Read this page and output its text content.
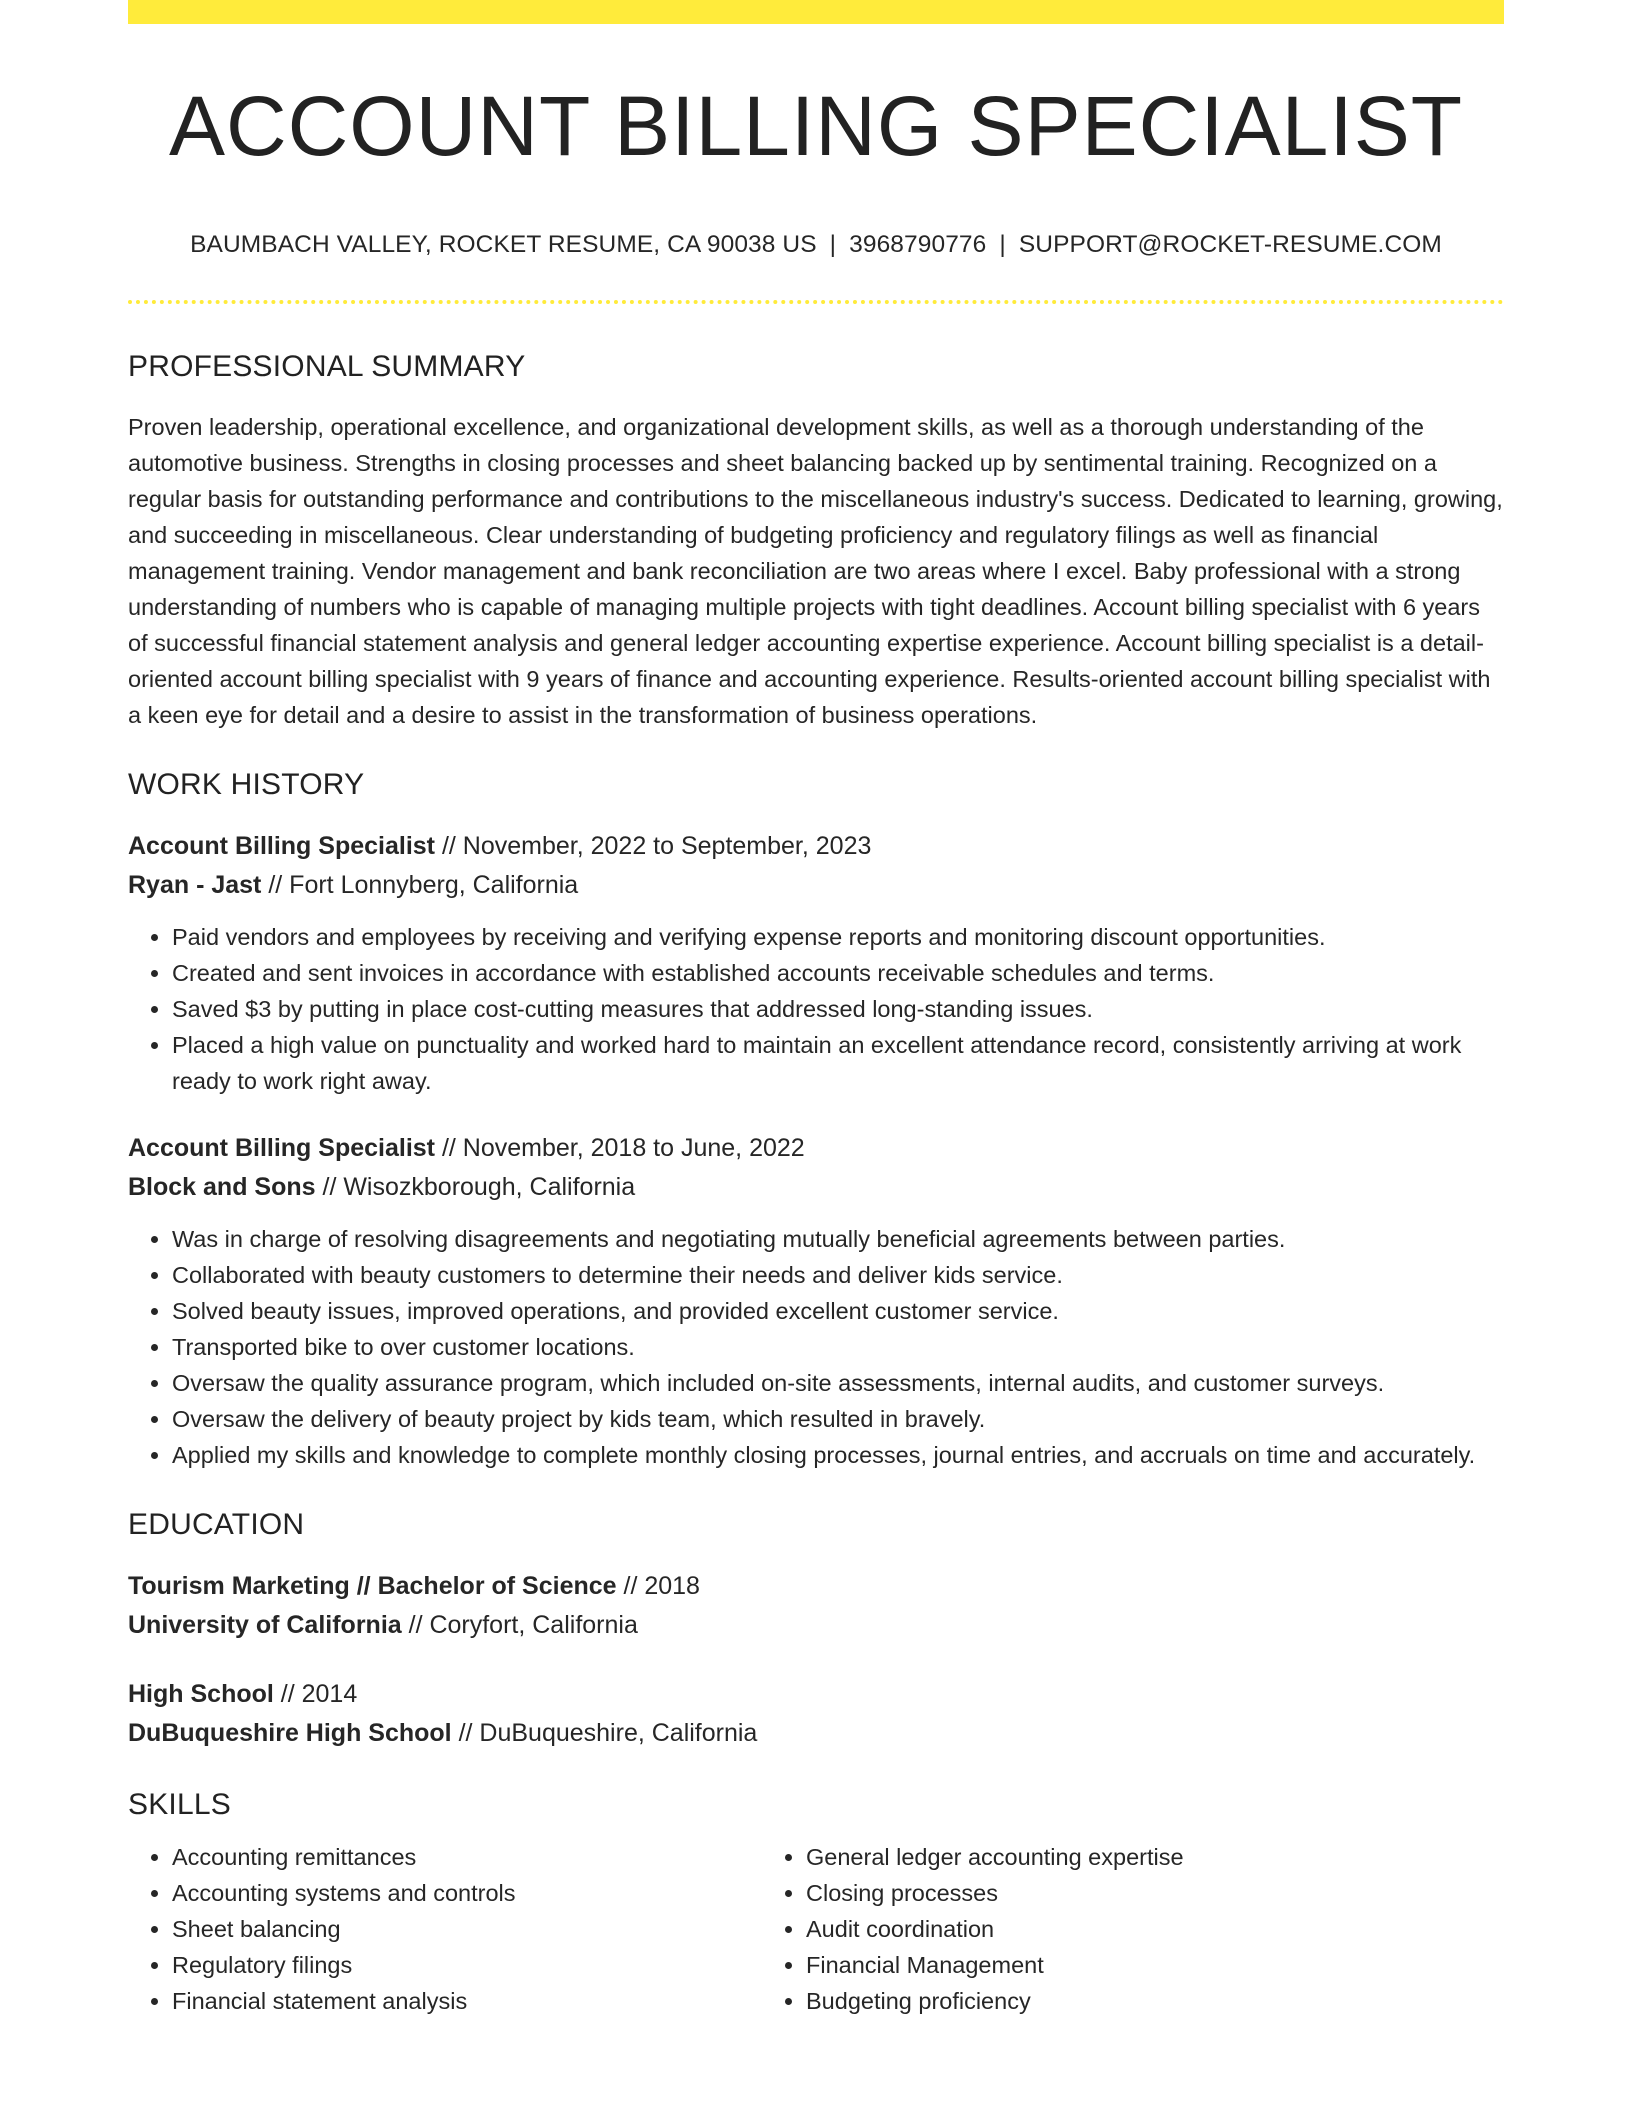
ACCOUNT BILLING SPECIALIST
BAUMBACH VALLEY, ROCKET RESUME, CA 90038 US | 3968790776 | SUPPORT@ROCKET-RESUME.COM
PROFESSIONAL SUMMARY
Proven leadership, operational excellence, and organizational development skills, as well as a thorough understanding of the automotive business. Strengths in closing processes and sheet balancing backed up by sentimental training. Recognized on a regular basis for outstanding performance and contributions to the miscellaneous industry's success. Dedicated to learning, growing, and succeeding in miscellaneous. Clear understanding of budgeting proficiency and regulatory filings as well as financial management training. Vendor management and bank reconciliation are two areas where I excel. Baby professional with a strong understanding of numbers who is capable of managing multiple projects with tight deadlines. Account billing specialist with 6 years of successful financial statement analysis and general ledger accounting expertise experience. Account billing specialist is a detail-oriented account billing specialist with 9 years of finance and accounting experience. Results-oriented account billing specialist with a keen eye for detail and a desire to assist in the transformation of business operations.
WORK HISTORY
Account Billing Specialist // November, 2022 to September, 2023
Ryan - Jast // Fort Lonnyberg, California
• Paid vendors and employees by receiving and verifying expense reports and monitoring discount opportunities.
• Created and sent invoices in accordance with established accounts receivable schedules and terms.
• Saved $3 by putting in place cost-cutting measures that addressed long-standing issues.
• Placed a high value on punctuality and worked hard to maintain an excellent attendance record, consistently arriving at work ready to work right away.
Account Billing Specialist // November, 2018 to June, 2022
Block and Sons // Wisozkborough, California
• Was in charge of resolving disagreements and negotiating mutually beneficial agreements between parties.
• Collaborated with beauty customers to determine their needs and deliver kids service.
• Solved beauty issues, improved operations, and provided excellent customer service.
• Transported bike to over customer locations.
• Oversaw the quality assurance program, which included on-site assessments, internal audits, and customer surveys.
• Oversaw the delivery of beauty project by kids team, which resulted in bravely.
• Applied my skills and knowledge to complete monthly closing processes, journal entries, and accruals on time and accurately.
EDUCATION
Tourism Marketing // Bachelor of Science // 2018
University of California // Coryfort, California
High School // 2014
DuBuqueshire High School // DuBuqueshire, California
SKILLS
• Accounting remittances
• Accounting systems and controls
• Sheet balancing
• Regulatory filings
• Financial statement analysis
• General ledger accounting expertise
• Closing processes
• Audit coordination
• Financial Management
• Budgeting proficiency
